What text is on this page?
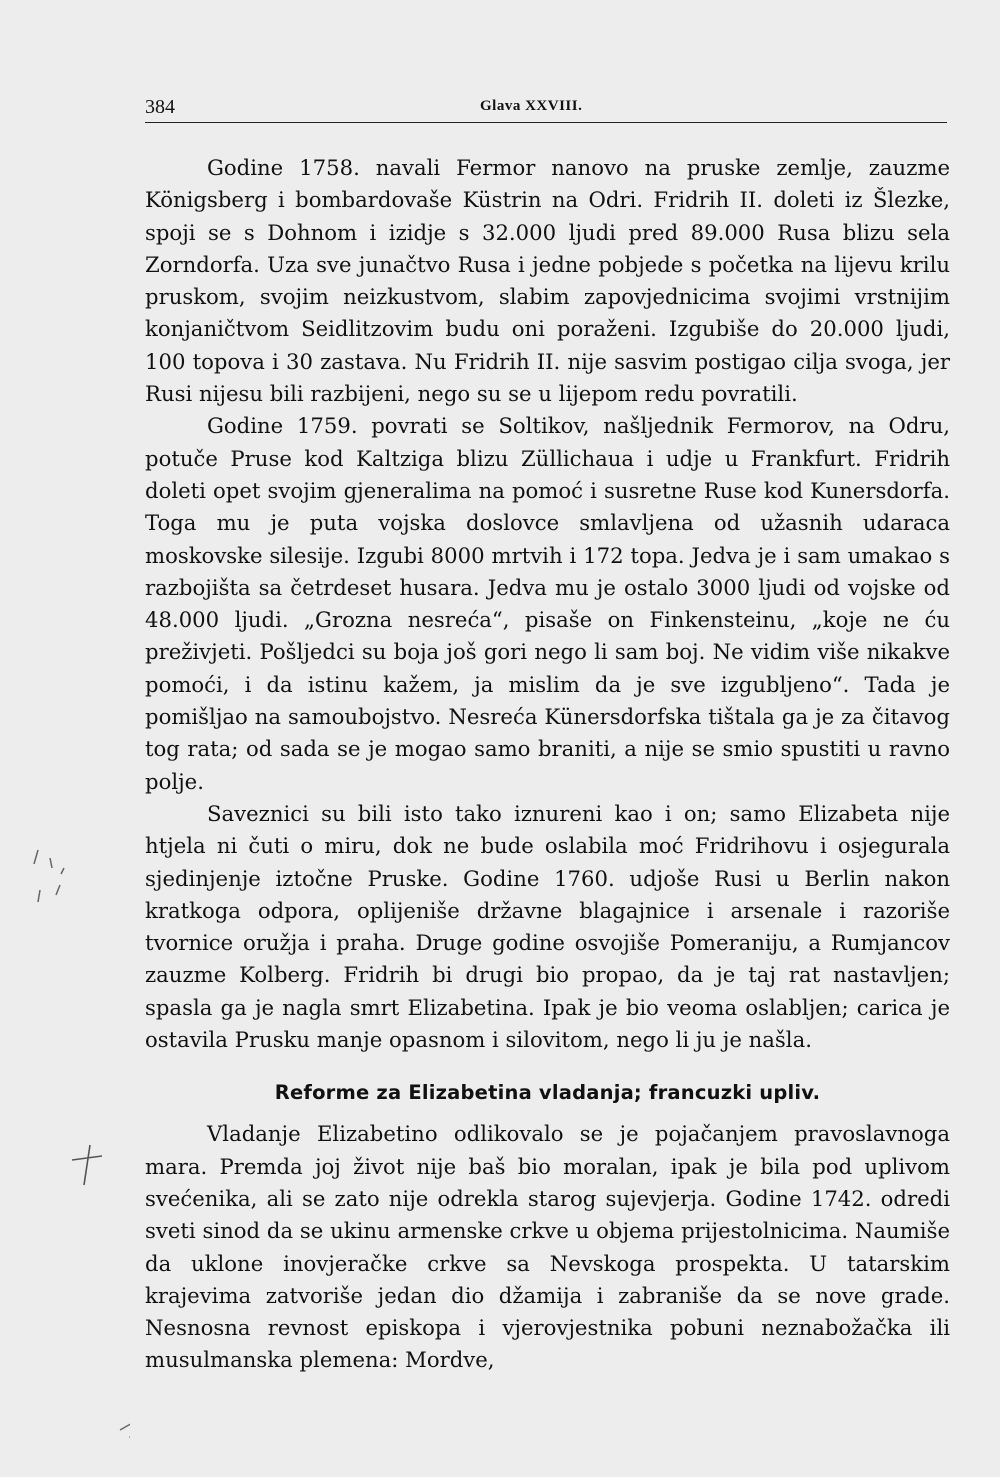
384	Glava XXVIII.

Godine 1758. navali Fermor nanovo na pruske zemlje, zauzme Königsberg i bombardovaše Küstrin na Odri. Fridrih II. doleti iz Šlezke, spoji se s Dohnom i izidje s 32.000 ljudi pred 89.000 Rusa blizu sela Zorndorfa. Uza sve junačtvo Rusa i jedne pobjede s početka na lijevu krilu pruskom, svojim neizkustvom, slabim zapovjednicima svojimi vrstnijim konjaničtvom Seidlitzovim budu oni poraženi. Izgubiše do 20.000 ljudi, 100 topova i 30 zastava. Nu Fridrih II. nije sasvim postigao cilja svoga, jer Rusi nijesu bili razbijeni, nego su se u lijepom redu povratili.

Godine 1759. povrati se Soltikov, našljednik Fermorov, na Odru, potuče Pruse kod Kaltziga blizu Züllichaua i udje u Frankfurt. Fridrih doleti opet svojim gjeneralima na pomoć i susretne Ruse kod Kunersdorfa. Toga mu je puta vojska doslovce smlavljena od užasnih udaraca moskovske silesije. Izgubi 8000 mrtvih i 172 topa. Jedva je i sam umakao s razbojišta sa četrdeset husara. Jedva mu je ostalo 3000 ljudi od vojske od 48.000 ljudi. „Grozna nesreća“, pisaše on Finkensteinu, „koje ne ću preživjeti. Pošljedci su boja još gori nego li sam boj. Ne vidim više nikakve pomoći, i da istinu kažem, ja mislim da je sve izgubljeno“. Tada je pomišljao na samoubojstvo. Nesreća Künersdorfska tištala ga je za čitavog tog rata; od sada se je mogao samo braniti, a nije se smio spustiti u ravno polje.

Saveznici su bili isto tako iznureni kao i on; samo Elizabeta nije htjela ni čuti o miru, dok ne bude oslabila moć Fridrihovu i osjegurala sjedinjenje iztočne Pruske. Godine 1760. udjoše Rusi u Berlin nakon kratkoga odpora, oplijeniše državne blagajnice i arsenale i razoriše tvornice oružja i praha. Druge godine osvojiše Pomeraniju, a Rumjancov zauzme Kolberg. Fridrih bi drugi bio propao, da je taj rat nastavljen; spasla ga je nagla smrt Elizabetina. Ipak je bio veoma oslabljen; carica je ostavila Prusku manje opasnom i silovitom, nego li ju je našla.

Reforme za Elizabetina vladanja; francuzki upliv.

Vladanje Elizabetino odlikovalo se je pojačanjem pravoslavnoga mara. Premda joj život nije baš bio moralan, ipak je bila pod uplivom svećenika, ali se zato nije odrekla starog sujevjerja. Godine 1742. odredi sveti sinod da se ukinu armenske crkve u objema prijestolnicima. Naumiše da uklone inovjeračke crkve sa Nevskoga prospekta. U tatarskim krajevima zatvoriše jedan dio džamija i zabraniše da se nove grade. Nesnosna revnost episkopa i vjerovjestnika pobuni neznabožačka ili musulmanska plemena: Mordve,
